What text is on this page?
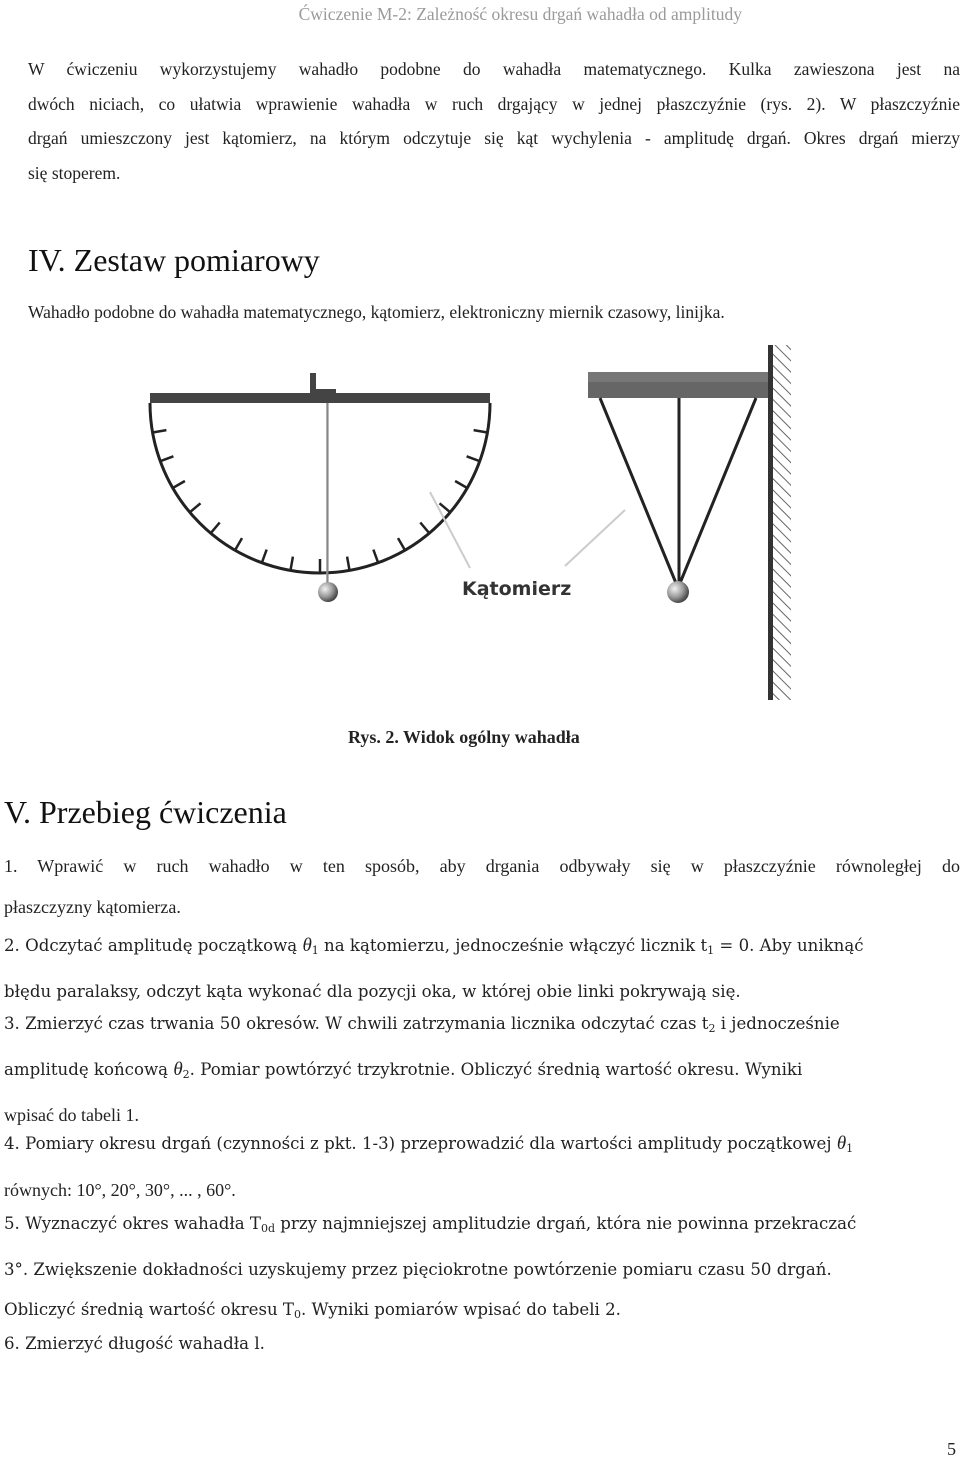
Ćwiczenie M-2: Zależność okresu drgań wahadła od amplitudy
W ćwiczeniu wykorzystujemy wahadło podobne do wahadła matematycznego. Kulka zawieszona jest na
dwóch niciach, co ułatwia wprawienie wahadła w ruch drgający w jednej płaszczyźnie (rys. 2). W płaszczyźnie
drgań umieszczony jest kątomierz, na którym odczytuje się kąt wychylenia - amplitudę drgań. Okres drgań mierzy
się stoperem.
IV. Zestaw pomiarowy
Wahadło podobne do wahadła matematycznego, kątomierz, elektroniczny miernik czasowy, linijka.
Kątomierz
Rys. 2. Widok ogólny wahadła
V. Przebieg ćwiczenia
1. Wprawić w ruch wahadło w ten sposób, aby drgania odbywały się w płaszczyźnie równoległej do
płaszczyzny kątomierza.
2. Odczytać amplitudę początkową $\theta_1$ na kątomierzu, jednocześnie włączyć licznik $t_1 = 0$. Aby uniknąć
błędu paralaksy, odczyt kąta wykonać dla pozycji oka, w której obie linki pokrywają się.
3. Zmierzyć czas trwania 50 okresów. W chwili zatrzymania licznika odczytać czas $t_2$ i jednocześnie
amplitudę końcową $\theta_2$. Pomiar powtórzyć trzykrotnie. Obliczyć średnią wartość okresu. Wyniki
wpisać do tabeli 1.
4. Pomiary okresu drgań (czynności z pkt. 1-3) przeprowadzić dla wartości amplitudy początkowej $\theta_1$
równych: 10°, 20°, 30°, ... , 60°.
5. Wyznaczyć okres wahadła $T_{0d}$ przy najmniejszej amplitudzie drgań, która nie powinna przekraczać
3°. Zwiększenie dokładności uzyskujemy przez pięciokrotne powtórzenie pomiaru czasu 50 drgań.
Obliczyć średnią wartość okresu $T_0$. Wyniki pomiarów wpisać do tabeli 2.
6. Zmierzyć długość wahadła l.
5
